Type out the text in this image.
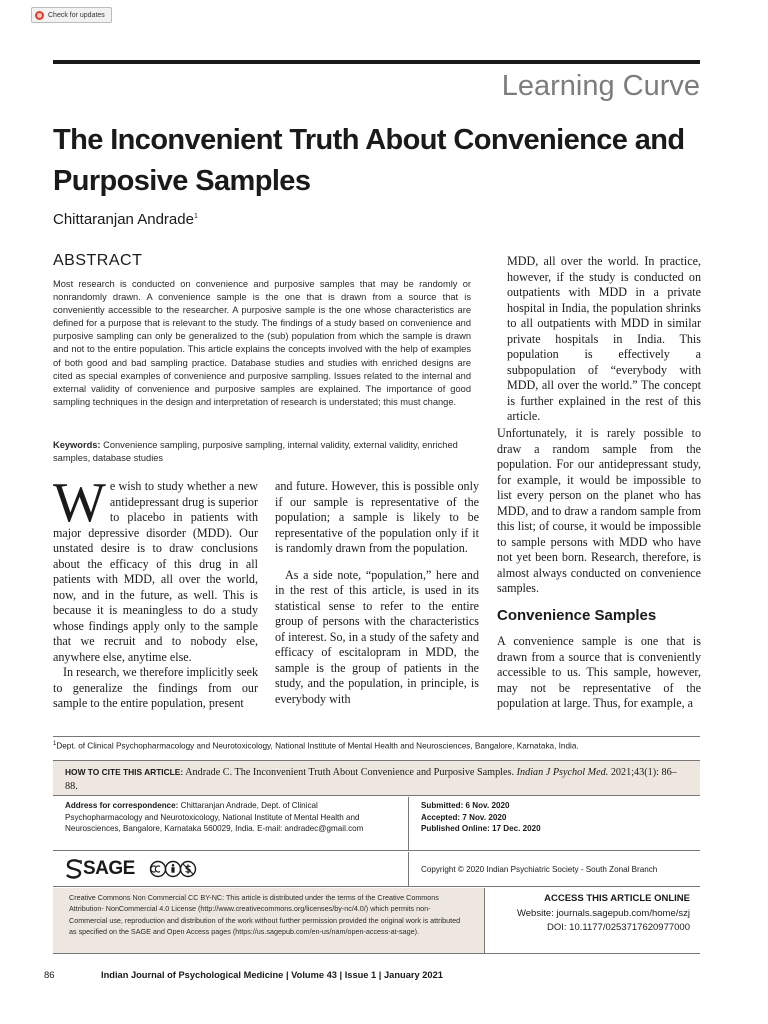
Check for updates
Learning Curve
The Inconvenient Truth About Convenience and Purposive Samples
Chittaranjan Andrade$^1$
ABSTRACT

Most research is conducted on convenience and purposive samples that may be randomly or nonrandomly drawn. A convenience sample is the one that is drawn from a source that is conveniently accessible to the researcher. A purposive sample is the one whose characteristics are defined for a purpose that is relevant to the study. The findings of a study based on convenience and purposive sampling can only be generalized to the (sub) population from which the sample is drawn and not to the entire population. This article explains the concepts involved with the help of examples of both good and bad sampling practice. Database studies and studies with enriched designs are cited as special examples of convenience and purposive sampling. Issues related to the internal and external validity of convenience and purposive samples are explained. The importance of good sampling techniques in the design and interpretation of research is understated; this must change.

Keywords: Convenience sampling, purposive sampling, internal validity, external validity, enriched samples, database studies

We wish to study whether a new antidepressant drug is superior to placebo in patients with major depressive disorder (MDD). Our unstated desire is to draw conclusions about the efficacy of this drug in all patients with MDD, all over the world, now, and in the future, as well. This is because it is meaningless to do a study whose findings apply only to the sample that we recruit and to nobody else, anywhere else, anytime else.

In research, we therefore implicitly seek to generalize the findings from our sample to the entire population, present

and future. However, this is possible only if our sample is representative of the population; a sample is likely to be representative of the population only if it is randomly drawn from the population.

As a side note, “population,” here and in the rest of this article, is used in its statistical sense to refer to the entire group of persons with the characteristics of interest. So, in a study of the safety and efficacy of escitalopram in MDD, the sample is the group of patients in the study, and the population, in principle, is everybody with

MDD, all over the world. In practice, however, if the study is conducted on outpatients with MDD in a private hospital in India, the population shrinks to all outpatients with MDD in similar private hospitals in India. This population is effectively a subpopulation of “everybody with MDD, all over the world.” The concept is further explained in the rest of this article.

Unfortunately, it is rarely possible to draw a random sample from the population. For our antidepressant study, for example, it would be impossible to list every person on the planet who has MDD, and to draw a random sample from this list; of course, it would be impossible to sample persons with MDD who have not yet been born. Research, therefore, is almost always conducted on convenience samples.

Convenience Samples

A convenience sample is one that is drawn from a source that is conveniently accessible to us. This sample, however, may not be representative of the population at large. Thus, for example, a

$^1$Dept. of Clinical Psychopharmacology and Neurotoxicology, National Institute of Mental Health and Neurosciences, Bangalore, Karnataka, India.

HOW TO CITE THIS ARTICLE: Andrade C. The Inconvenient Truth About Convenience and Purposive Samples. Indian J Psychol Med. 2021;43(1): 86–88.

Address for correspondence: Chittaranjan Andrade, Dept. of Clinical Psychopharmacology and Neurotoxicology, National Institute of Mental Health and Neurosciences, Bangalore, Karnataka 560029, India. E-mail: andradec@gmail.com

Submitted: 6 Nov. 2020

Accepted: 7 Nov. 2020

Published Online: 17 Dec. 2020

SAGE	Copyright © 2020 Indian Psychiatric Society - South Zonal Branch

Creative Commons Non Commercial CC BY-NC: This article is distributed under the terms of the Creative Commons Attribution- NonCommercial 4.0 License (http://www.creativecommons.org/licenses/by-nc/4.0/) which permits non-Commercial use, reproduction and distribution of the work without further permission provided the original work is attributed as specified on the SAGE and Open Access pages (https://us.sagepub.com/en-us/nam/open-access-at-sage).

ACCESS THIS ARTICLE ONLINE

Website: journals.sagepub.com/home/szj

DOI: 10.1177/0253717620977000

86	Indian Journal of Psychological Medicine | Volume 43 | Issue 1 | January 2021
